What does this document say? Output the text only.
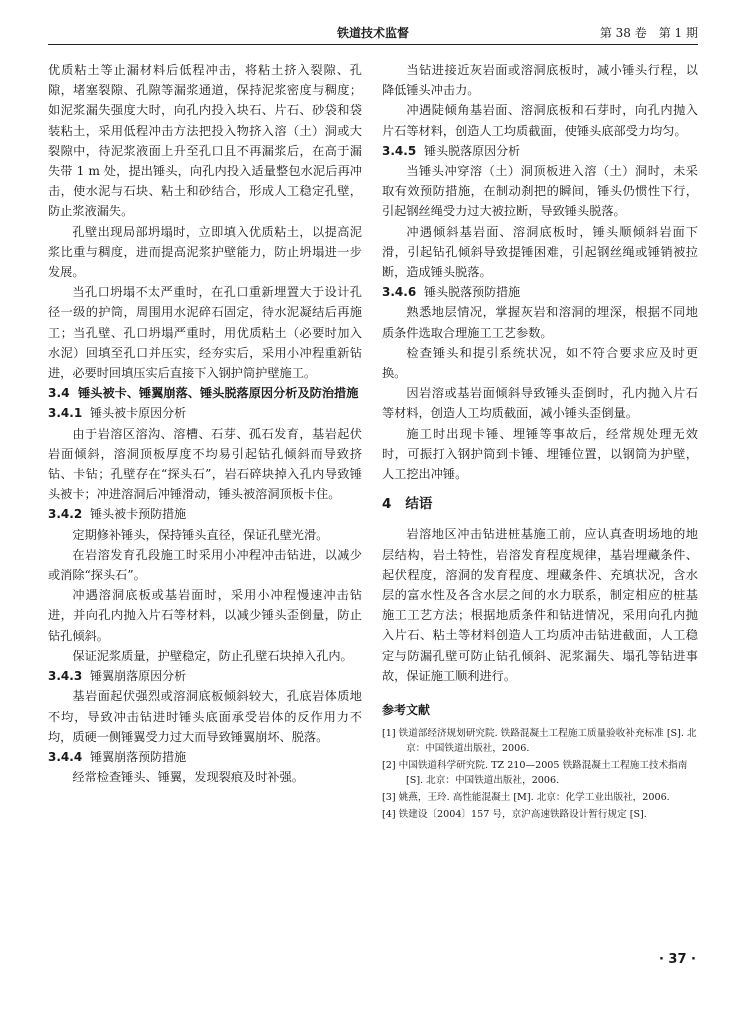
铁道技术监督	第 38 卷　第 1 期

优质粘土等止漏材料后低程冲击，将粘土挤入裂隙、孔隙，堵塞裂隙、孔隙等漏浆通道，保持泥浆密度与稠度；如泥浆漏失强度大时，向孔内投入块石、片石、砂袋和袋装粘土，采用低程冲击方法把投入物挤入溶（土）洞或大裂隙中，待泥浆液面上升至孔口且不再漏浆后，在高于漏失带 1 m 处，提出锤头，向孔内投入适量整包水泥后再冲击，使水泥与石块、粘土和砂结合，形成人工稳定孔壁，防止浆液漏失。

孔壁出现局部坍塌时，立即填入优质粘土，以提高泥浆比重与稠度，进而提高泥浆护壁能力，防止坍塌进一步发展。

当孔口坍塌不太严重时，在孔口重新埋置大于设计孔径一级的护筒，周围用水泥碎石固定，待水泥凝结后再施工；当孔壁、孔口坍塌严重时，用优质粘土（必要时加入水泥）回填至孔口并压实，经夯实后，采用小冲程重新钻进，必要时回填压实后直接下入钢护筒护壁施工。

3.4 锤头被卡、锤翼崩落、锤头脱落原因分析及防治措施

3.4.1 锤头被卡原因分析

由于岩溶区溶沟、溶槽、石芽、孤石发育，基岩起伏岩面倾斜，溶洞顶板厚度不均易引起钻孔倾斜而导致挤钻、卡钻；孔壁存在“探头石”，岩石碎块掉入孔内导致锤头被卡；冲进溶洞后冲锤滑动，锤头被溶洞顶板卡住。

3.4.2 锤头被卡预防措施

定期修补锤头，保持锤头直径，保证孔壁光滑。

在岩溶发育孔段施工时采用小冲程冲击钻进，以减少或消除“探头石”。

冲遇溶洞底板或基岩面时，采用小冲程慢速冲击钻进，并向孔内抛入片石等材料，以减少锤头歪倒量，防止钻孔倾斜。

保证泥浆质量，护壁稳定，防止孔壁石块掉入孔内。

3.4.3 锤翼崩落原因分析

基岩面起伏强烈或溶洞底板倾斜较大，孔底岩体质地不均，导致冲击钻进时锤头底面承受岩体的反作用力不均，质硬一侧锤翼受力过大而导致锤翼崩坏、脱落。

3.4.4 锤翼崩落预防措施

经常检查锤头、锤翼，发现裂痕及时补强。

当钻进接近灰岩面或溶洞底板时，减小锤头行程，以降低锤头冲击力。

冲遇陡倾角基岩面、溶洞底板和石芽时，向孔内抛入片石等材料，创造人工均质截面，使锤头底部受力均匀。

3.4.5 锤头脱落原因分析

当锤头冲穿溶（土）洞顶板进入溶（土）洞时，未采取有效预防措施，在制动刹把的瞬间，锤头仍惯性下行，引起钢丝绳受力过大被拉断，导致锤头脱落。

冲遇倾斜基岩面、溶洞底板时，锤头顺倾斜岩面下滑，引起钻孔倾斜导致提锤困难，引起钢丝绳或锤销被拉断，造成锤头脱落。

3.4.6 锤头脱落预防措施

熟悉地层情况，掌握灰岩和溶洞的埋深，根据不同地质条件选取合理施工工艺参数。

检查锤头和提引系统状况，如不符合要求应及时更换。

因岩溶或基岩面倾斜导致锤头歪倒时，孔内抛入片石等材料，创造人工均质截面，减小锤头歪倒量。

施工时出现卡锤、埋锤等事故后，经常规处理无效时，可振打入钢护筒到卡锤、埋锤位置，以钢筒为护壁，人工挖出冲锤。

4 结语

岩溶地区冲击钻进桩基施工前，应认真查明场地的地层结构，岩土特性，岩溶发育程度规律，基岩埋藏条件、起伏程度，溶洞的发育程度、埋藏条件、充填状况，含水层的富水性及各含水层之间的水力联系，制定相应的桩基施工工艺方法；根据地质条件和钻进情况，采用向孔内抛入片石、粘土等材料创造人工均质冲击钻进截面，人工稳定与防漏孔壁可防止钻孔倾斜、泥浆漏失、塌孔等钻进事故，保证施工顺利进行。

参考文献

[1] 铁道部经济规划研究院. 铁路混凝土工程施工质量验收补充标准 [S]. 北京：中国铁道出版社，2006.

[2] 中国铁道科学研究院. TZ 210—2005 铁路混凝土工程施工技术指南 [S]. 北京：中国铁道出版社，2006.

[3] 姚燕，王玲. 高性能混凝土 [M]. 北京：化学工业出版社，2006.

[4] 铁建设〔2004〕157 号，京沪高速铁路设计暂行规定 [S].

· 37 ·
